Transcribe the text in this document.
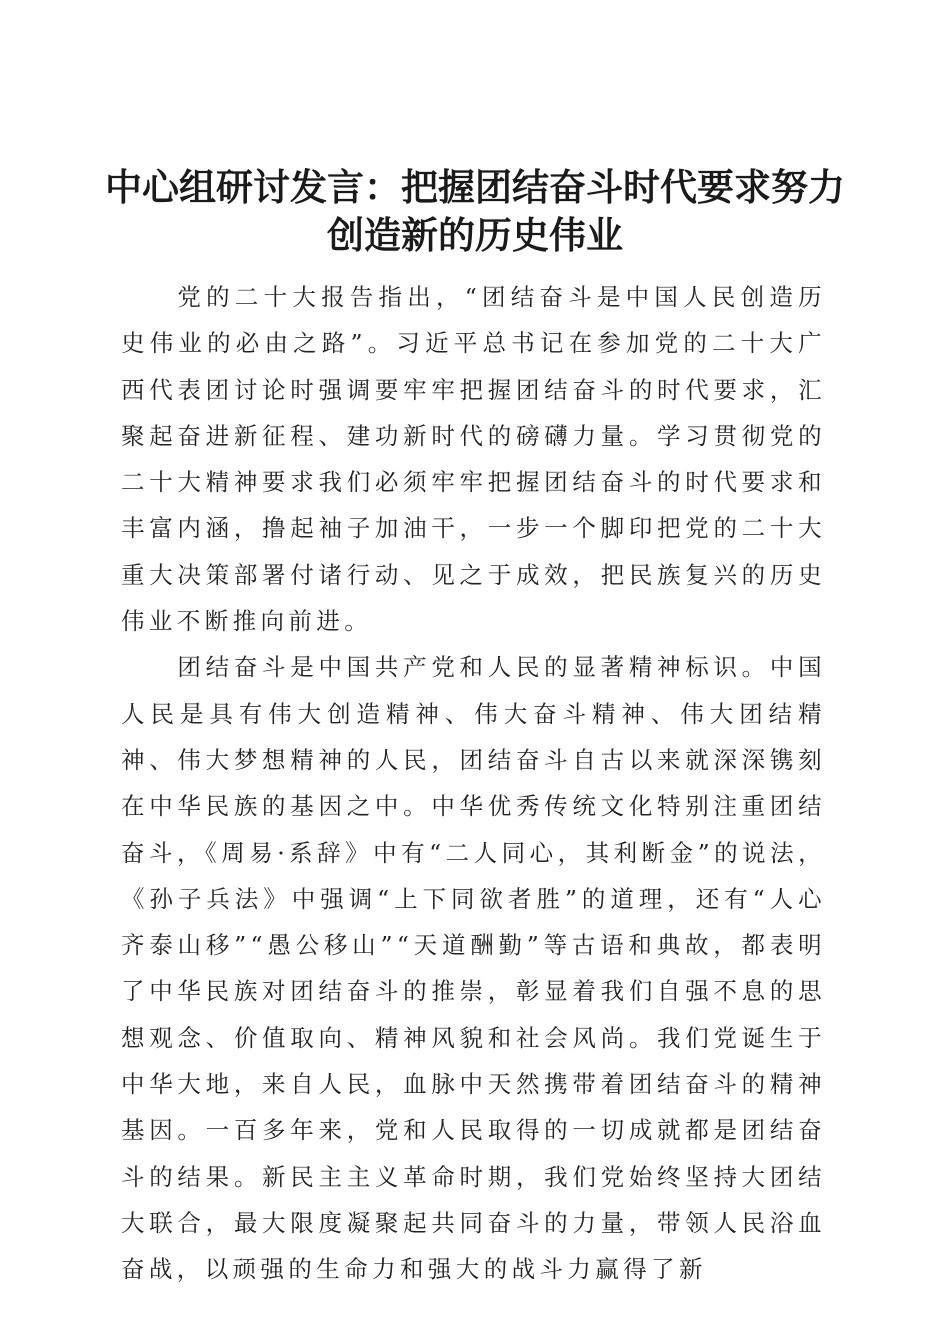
中心组研讨发言：把握团结奋斗时代要求努力
创造新的历史伟业

党的二十大报告指出，“团结奋斗是中国人民创造历史伟业的必由之路”。习近平总书记在参加党的二十大广西代表团讨论时强调要牢牢把握团结奋斗的时代要求，汇聚起奋进新征程、建功新时代的磅礴力量。学习贯彻党的二十大精神要求我们必须牢牢把握团结奋斗的时代要求和丰富内涵，撸起袖子加油干，一步一个脚印把党的二十大重大决策部署付诸行动、见之于成效，把民族复兴的历史伟业不断推向前进。

团结奋斗是中国共产党和人民的显著精神标识。中国人民是具有伟大创造精神、伟大奋斗精神、伟大团结精神、伟大梦想精神的人民，团结奋斗自古以来就深深镌刻在中华民族的基因之中。中华优秀传统文化特别注重团结奋斗，《周易·系辞》中有“二人同心，其利断金”的说法，《孙子兵法》中强调“上下同欲者胜”的道理，还有“人心齐泰山移”“愚公移山”“天道酬勤”等古语和典故，都表明了中华民族对团结奋斗的推崇，彰显着我们自强不息的思想观念、价值取向、精神风貌和社会风尚。我们党诞生于中华大地，来自人民，血脉中天然携带着团结奋斗的精神基因。一百多年来，党和人民取得的一切成就都是团结奋斗的结果。新民主主义革命时期，我们党始终坚持大团结大联合，最大限度凝聚起共同奋斗的力量，带领人民浴血奋战，以顽强的生命力和强大的战斗力赢得了新
